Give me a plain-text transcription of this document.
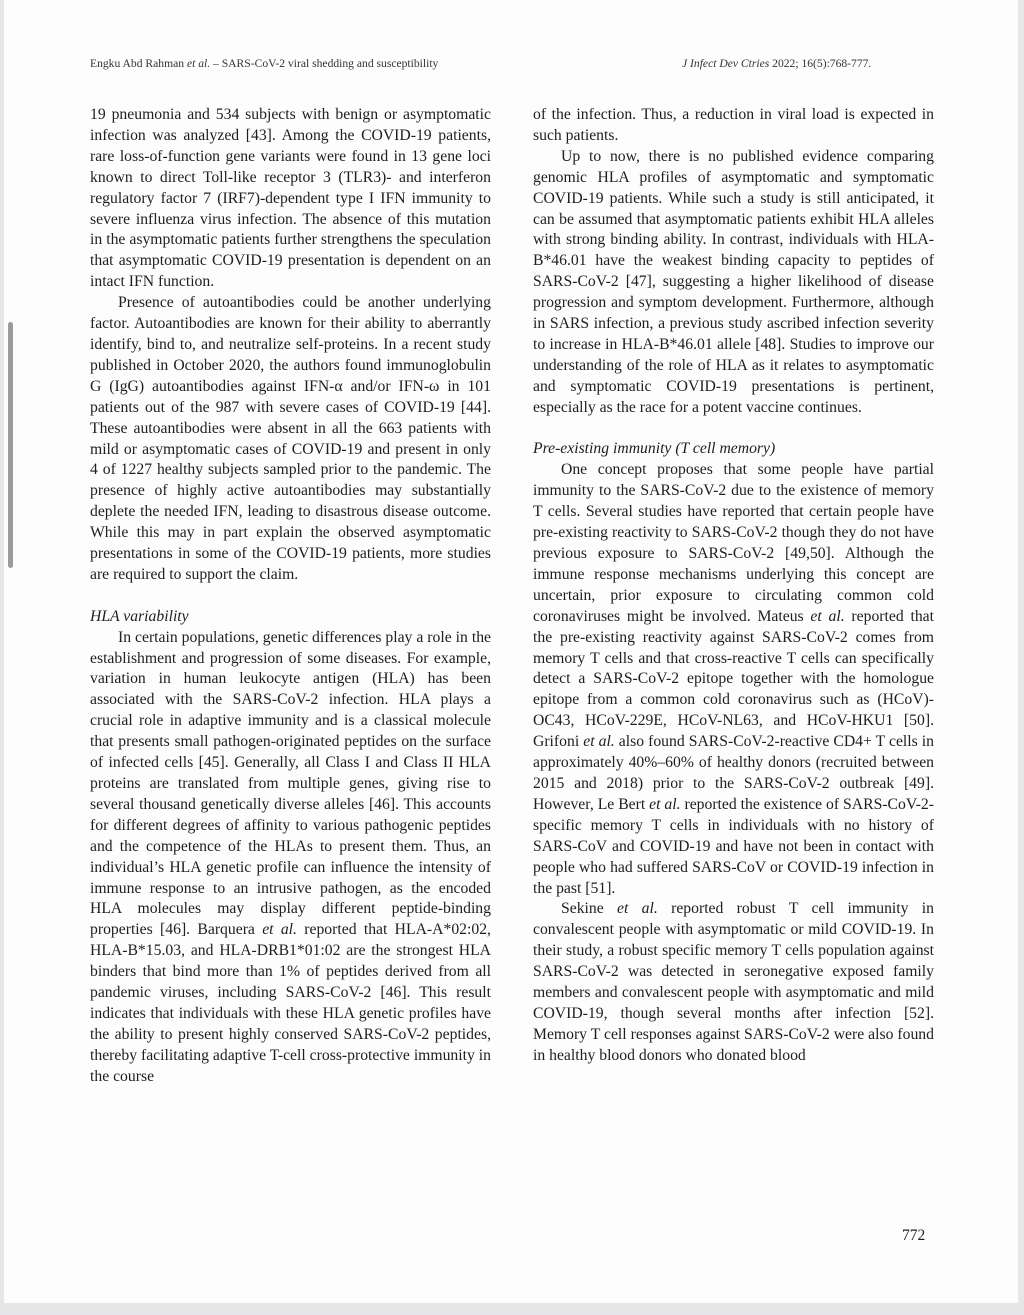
Engku Abd Rahman et al. – SARS-CoV-2 viral shedding and susceptibility	J Infect Dev Ctries 2022; 16(5):768-777.

19 pneumonia and 534 subjects with benign or asymptomatic infection was analyzed [43]. Among the COVID-19 patients, rare loss-of-function gene variants were found in 13 gene loci known to direct Toll-like receptor 3 (TLR3)- and interferon regulatory factor 7 (IRF7)-dependent type I IFN immunity to severe influenza virus infection. The absence of this mutation in the asymptomatic patients further strengthens the speculation that asymptomatic COVID-19 presentation is dependent on an intact IFN function.

Presence of autoantibodies could be another underlying factor. Autoantibodies are known for their ability to aberrantly identify, bind to, and neutralize self-proteins. In a recent study published in October 2020, the authors found immunoglobulin G (IgG) autoantibodies against IFN-α and/or IFN-ω in 101 patients out of the 987 with severe cases of COVID-19 [44]. These autoantibodies were absent in all the 663 patients with mild or asymptomatic cases of COVID-19 and present in only 4 of 1227 healthy subjects sampled prior to the pandemic. The presence of highly active autoantibodies may substantially deplete the needed IFN, leading to disastrous disease outcome. While this may in part explain the observed asymptomatic presentations in some of the COVID-19 patients, more studies are required to support the claim.

HLA variability

In certain populations, genetic differences play a role in the establishment and progression of some diseases. For example, variation in human leukocyte antigen (HLA) has been associated with the SARS-CoV-2 infection. HLA plays a crucial role in adaptive immunity and is a classical molecule that presents small pathogen-originated peptides on the surface of infected cells [45]. Generally, all Class I and Class II HLA proteins are translated from multiple genes, giving rise to several thousand genetically diverse alleles [46]. This accounts for different degrees of affinity to various pathogenic peptides and the competence of the HLAs to present them. Thus, an individual’s HLA genetic profile can influence the intensity of immune response to an intrusive pathogen, as the encoded HLA molecules may display different peptide-binding properties [46]. Barquera et al. reported that HLA-A*02:02, HLA-B*15.03, and HLA-DRB1*01:02 are the strongest HLA binders that bind more than 1% of peptides derived from all pandemic viruses, including SARS-CoV-2 [46]. This result indicates that individuals with these HLA genetic profiles have the ability to present highly conserved SARS-CoV-2 peptides, thereby facilitating adaptive T-cell cross-protective immunity in the course

of the infection. Thus, a reduction in viral load is expected in such patients.

Up to now, there is no published evidence comparing genomic HLA profiles of asymptomatic and symptomatic COVID-19 patients. While such a study is still anticipated, it can be assumed that asymptomatic patients exhibit HLA alleles with strong binding ability. In contrast, individuals with HLA-B*46.01 have the weakest binding capacity to peptides of SARS-CoV-2 [47], suggesting a higher likelihood of disease progression and symptom development. Furthermore, although in SARS infection, a previous study ascribed infection severity to increase in HLA-B*46.01 allele [48]. Studies to improve our understanding of the role of HLA as it relates to asymptomatic and symptomatic COVID-19 presentations is pertinent, especially as the race for a potent vaccine continues.

Pre-existing immunity (T cell memory)

One concept proposes that some people have partial immunity to the SARS-CoV-2 due to the existence of memory T cells. Several studies have reported that certain people have pre-existing reactivity to SARS-CoV-2 though they do not have previous exposure to SARS-CoV-2 [49,50]. Although the immune response mechanisms underlying this concept are uncertain, prior exposure to circulating common cold coronaviruses might be involved. Mateus et al. reported that the pre-existing reactivity against SARS-CoV-2 comes from memory T cells and that cross-reactive T cells can specifically detect a SARS-CoV-2 epitope together with the homologue epitope from a common cold coronavirus such as (HCoV)-OC43, HCoV-229E, HCoV-NL63, and HCoV-HKU1 [50]. Grifoni et al. also found SARS-CoV-2-reactive CD4+ T cells in approximately 40%–60% of healthy donors (recruited between 2015 and 2018) prior to the SARS-CoV-2 outbreak [49]. However, Le Bert et al. reported the existence of SARS-CoV-2-specific memory T cells in individuals with no history of SARS-CoV and COVID-19 and have not been in contact with people who had suffered SARS-CoV or COVID-19 infection in the past [51].

Sekine et al. reported robust T cell immunity in convalescent people with asymptomatic or mild COVID-19. In their study, a robust specific memory T cells population against SARS-CoV-2 was detected in seronegative exposed family members and convalescent people with asymptomatic and mild COVID-19, though several months after infection [52]. Memory T cell responses against SARS-CoV-2 were also found in healthy blood donors who donated blood

772
